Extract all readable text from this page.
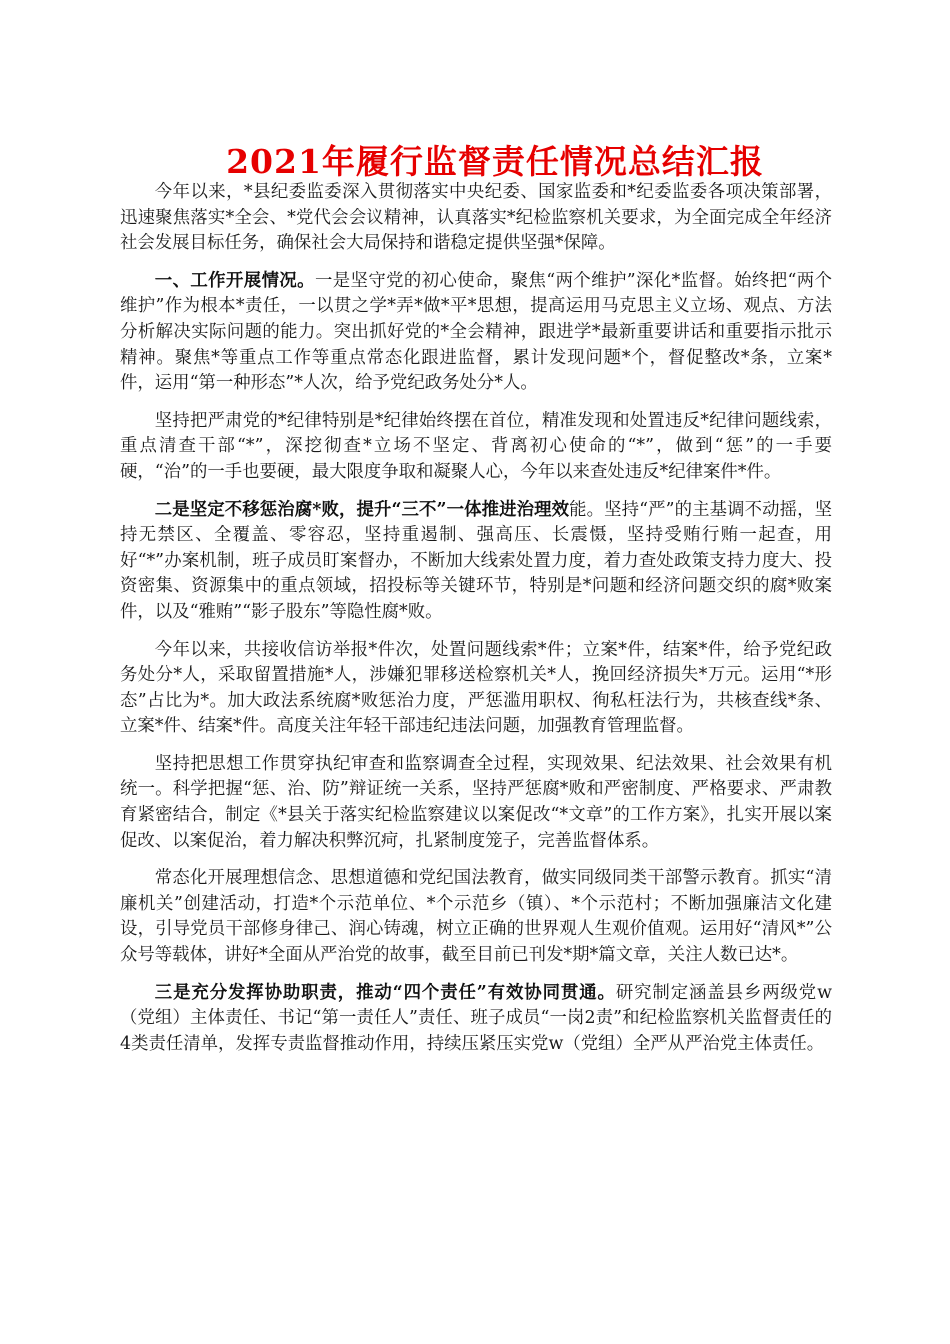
2021年履行监督责任情况总结汇报

今年以来，*县纪委监委深入贯彻落实中央纪委、国家监委和*纪委监委各项决策部署，迅速聚焦落实*全会、*党代会会议精神，认真落实*纪检监察机关要求，为全面完成全年经济社会发展目标任务，确保社会大局保持和谐稳定提供坚强*保障。

一、工作开展情况。一是坚守党的初心使命，聚焦“两个维护”深化*监督。始终把“两个维护”作为根本*责任，一以贯之学*弄*做*平*思想，提高运用马克思主义立场、观点、方法分析解决实际问题的能力。突出抓好党的*全会精神，跟进学*最新重要讲话和重要指示批示精神。聚焦*等重点工作等重点常态化跟进监督，累计发现问题*个，督促整改*条，立案*件，运用“第一种形态”*人次，给予党纪政务处分*人。

坚持把严肃党的*纪律特别是*纪律始终摆在首位，精准发现和处置违反*纪律问题线索，重点清查干部“*”，深挖彻查*立场不坚定、背离初心使命的“*”，做到“惩”的一手要硬，“治”的一手也要硬，最大限度争取和凝聚人心，今年以来查处违反*纪律案件*件。

二是坚定不移惩治腐*败，提升“三不”一体推进治理效能。坚持“严”的主基调不动摇，坚持无禁区、全覆盖、零容忍，坚持重遏制、强高压、长震慑，坚持受贿行贿一起查，用好“*”办案机制，班子成员盯案督办，不断加大线索处置力度，着力查处政策支持力度大、投资密集、资源集中的重点领域，招投标等关键环节，特别是*问题和经济问题交织的腐*败案件，以及“雅贿”“影子股东”等隐性腐*败。

今年以来，共接收信访举报*件次，处置问题线索*件；立案*件，结案*件，给予党纪政务处分*人，采取留置措施*人，涉嫌犯罪移送检察机关*人，挽回经济损失*万元。运用“*形态”占比为*。加大政法系统腐*败惩治力度，严惩滥用职权、徇私枉法行为，共核查线*条、立案*件、结案*件。高度关注年轻干部违纪违法问题，加强教育管理监督。

坚持把思想工作贯穿执纪审查和监察调查全过程，实现效果、纪法效果、社会效果有机统一。科学把握“惩、治、防”辩证统一关系，坚持严惩腐*败和严密制度、严格要求、严肃教育紧密结合，制定《*县关于落实纪检监察建议以案促改“*文章”的工作方案》，扎实开展以案促改、以案促治，着力解决积弊沉疴，扎紧制度笼子，完善监督体系。

常态化开展理想信念、思想道德和党纪国法教育，做实同级同类干部警示教育。抓实“清廉机关”创建活动，打造*个示范单位、*个示范乡（镇）、*个示范村；不断加强廉洁文化建设，引导党员干部修身律己、润心铸魂，树立正确的世界观人生观价值观。运用好“清风*”公众号等载体，讲好*全面从严治党的故事，截至目前已刊发*期*篇文章，关注人数已达*。

三是充分发挥协助职责，推动“四个责任”有效协同贯通。研究制定涵盖县乡两级党w（党组）主体责任、书记“第一责任人”责任、班子成员“一岗2责”和纪检监察机关监督责任的4类责任清单，发挥专责监督推动作用，持续压紧压实党w（党组）全严从严治党主体责任。
